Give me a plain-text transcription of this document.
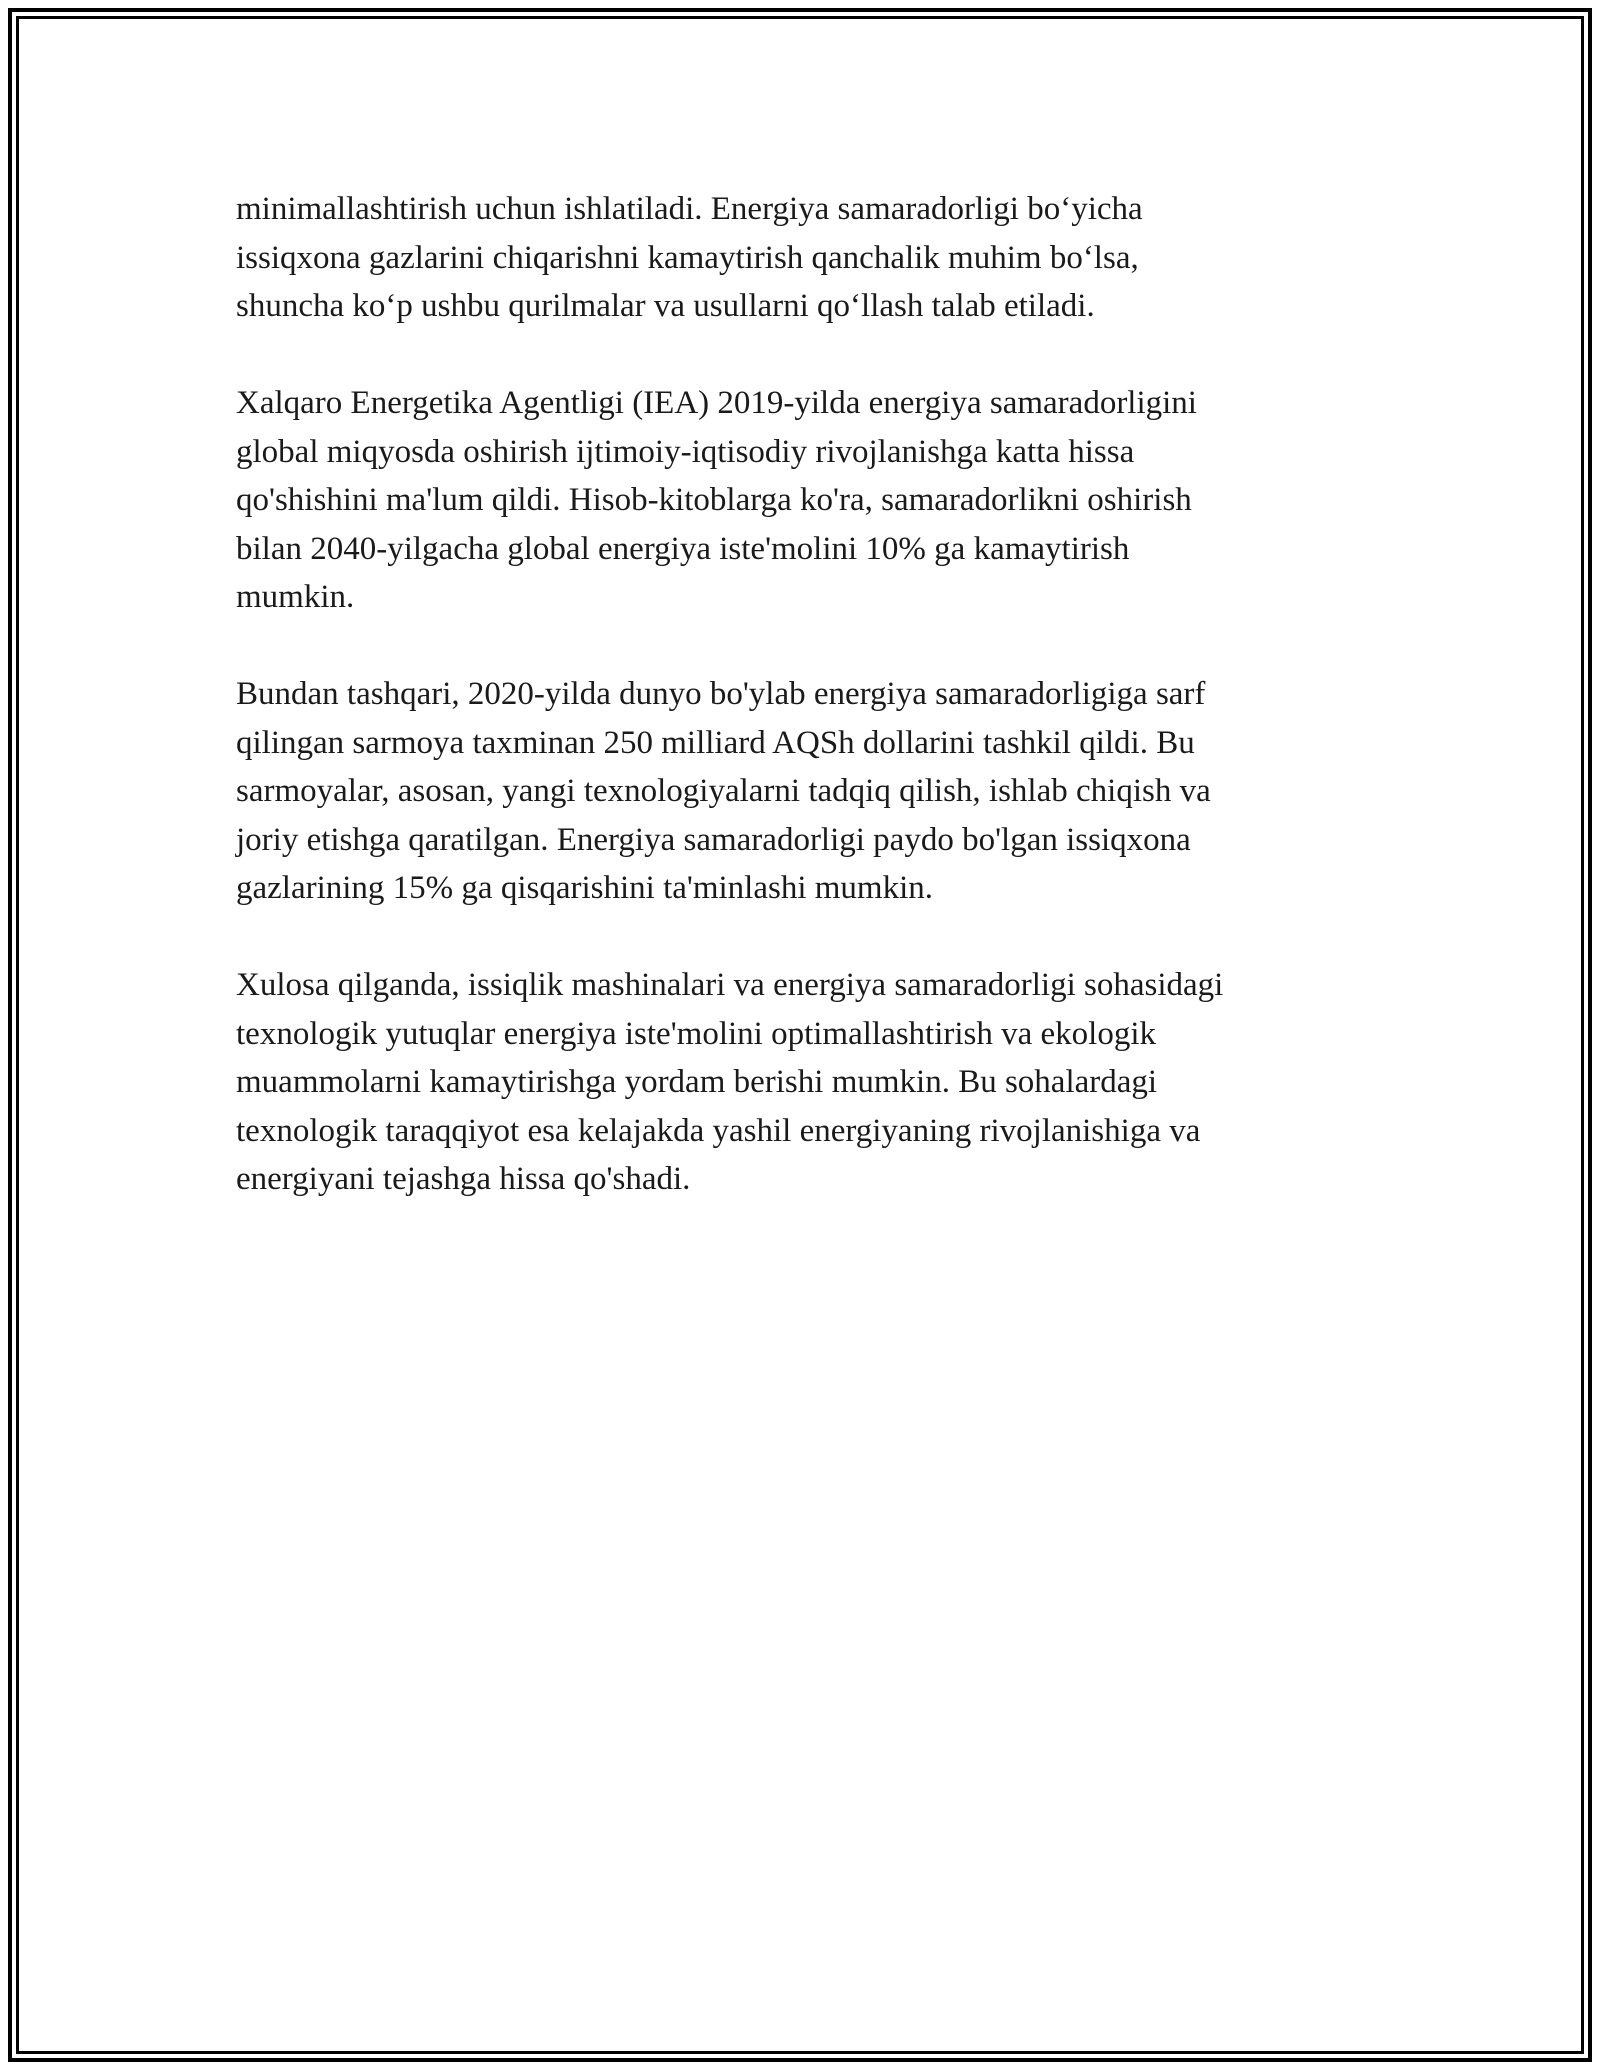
minimallashtirish uchun ishlatiladi. Energiya samaradorligi bo‘yicha
issiqxona gazlarini chiqarishni kamaytirish qanchalik muhim bo‘lsa,
shuncha ko‘p ushbu qurilmalar va usullarni qo‘llash talab etiladi.

Xalqaro Energetika Agentligi (IEA) 2019-yilda energiya samaradorligini
global miqyosda oshirish ijtimoiy-iqtisodiy rivojlanishga katta hissa
qo'shishini ma'lum qildi. Hisob-kitoblarga ko'ra, samaradorlikni oshirish
bilan 2040-yilgacha global energiya iste'molini 10% ga kamaytirish
mumkin.

Bundan tashqari, 2020-yilda dunyo bo'ylab energiya samaradorligiga sarf
qilingan sarmoya taxminan 250 milliard AQSh dollarini tashkil qildi. Bu
sarmoyalar, asosan, yangi texnologiyalarni tadqiq qilish, ishlab chiqish va
joriy etishga qaratilgan. Energiya samaradorligi paydo bo'lgan issiqxona
gazlarining 15% ga qisqarishini ta'minlashi mumkin.

Xulosa qilganda, issiqlik mashinalari va energiya samaradorligi sohasidagi
texnologik yutuqlar energiya iste'molini optimallashtirish va ekologik
muammolarni kamaytirishga yordam berishi mumkin. Bu sohalardagi
texnologik taraqqiyot esa kelajakda yashil energiyaning rivojlanishiga va
energiyani tejashga hissa qo'shadi.
